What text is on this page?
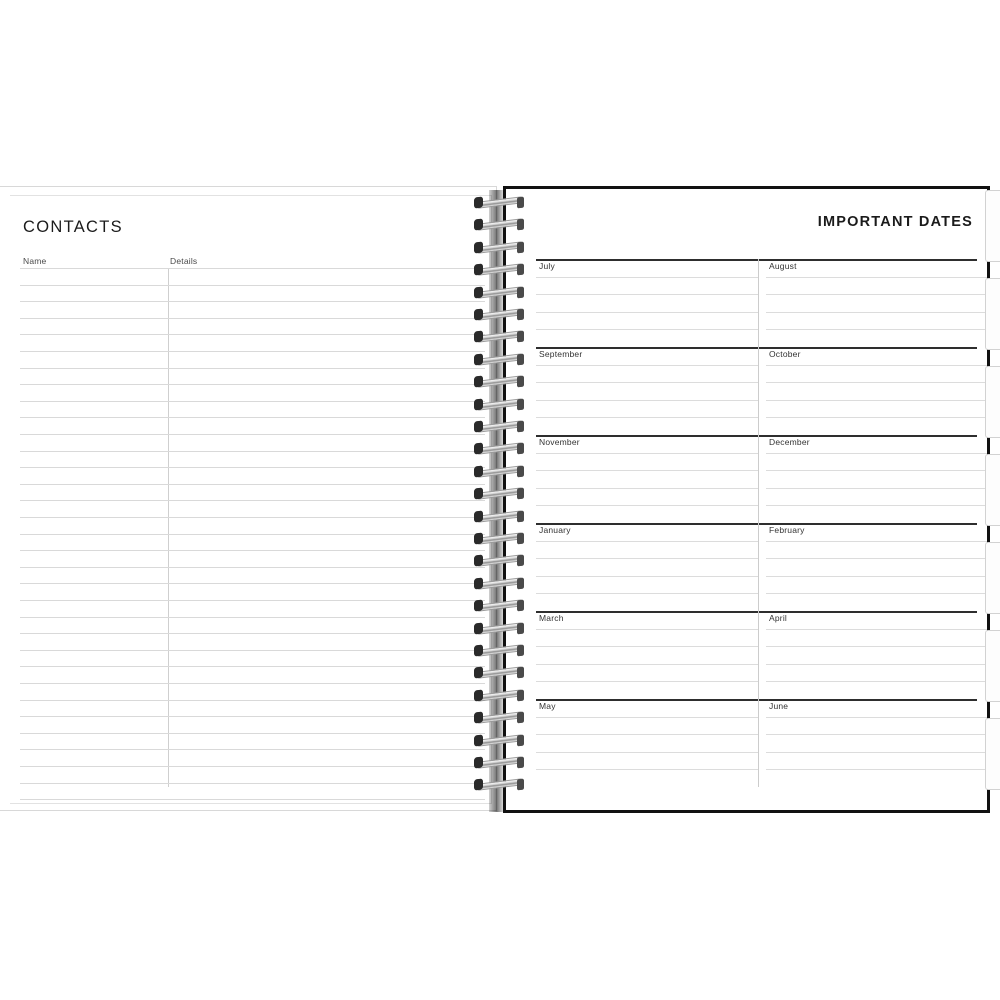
CONTACTS
Name	Details
IMPORTANT DATES
July	August
September	October
November	December
January	February
March	April
May	June
